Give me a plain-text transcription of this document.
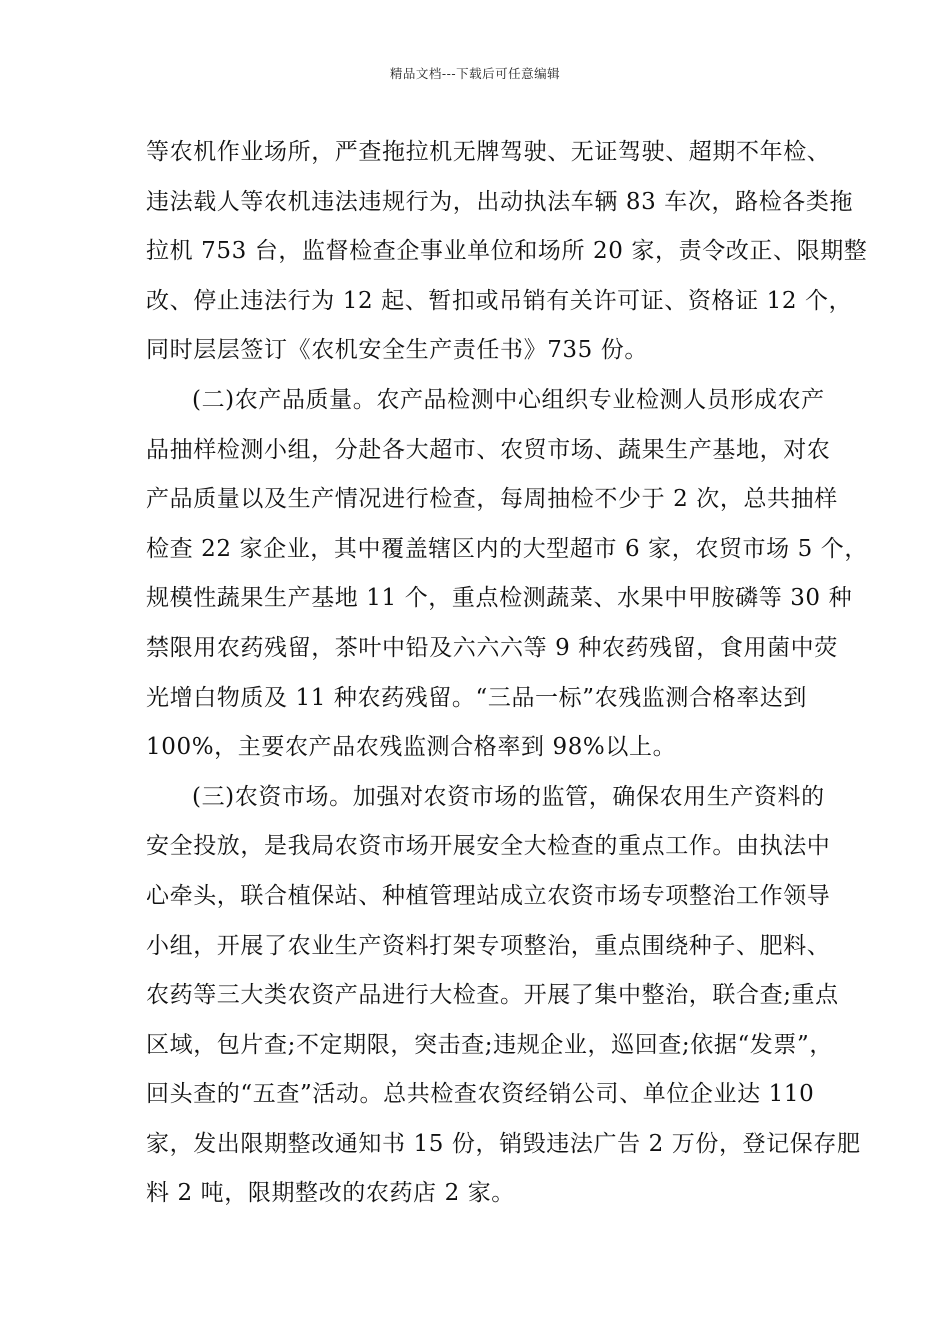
精品文档---下载后可任意编辑
等农机作业场所，严查拖拉机无牌驾驶、无证驾驶、超期不年检、
违法载人等农机违法违规行为，出动执法车辆 83 车次，路检各类拖
拉机 753 台，监督检查企事业单位和场所 20 家，责令改正、限期整
改、停止违法行为 12 起、暂扣或吊销有关许可证、资格证 12 个，
同时层层签订《农机安全生产责任书》735 份。
(二)农产品质量。农产品检测中心组织专业检测人员形成农产
品抽样检测小组，分赴各大超市、农贸市场、蔬果生产基地，对农
产品质量以及生产情况进行检查，每周抽检不少于 2 次，总共抽样
检查 22 家企业，其中覆盖辖区内的大型超市 6 家，农贸市场 5 个，
规模性蔬果生产基地 11 个，重点检测蔬菜、水果中甲胺磷等 30 种
禁限用农药残留，茶叶中铅及六六六等 9 种农药残留，食用菌中荧
光增白物质及 11 种农药残留。“三品一标”农残监测合格率达到
100%，主要农产品农残监测合格率到 98%以上。
(三)农资市场。加强对农资市场的监管，确保农用生产资料的
安全投放，是我局农资市场开展安全大检查的重点工作。由执法中
心牵头，联合植保站、种植管理站成立农资市场专项整治工作领导
小组，开展了农业生产资料打架专项整治，重点围绕种子、肥料、
农药等三大类农资产品进行大检查。开展了集中整治，联合查;重点
区域，包片查;不定期限，突击查;违规企业，巡回查;依据“发票”，
回头查的“五查”活动。总共检查农资经销公司、单位企业达 110
家，发出限期整改通知书 15 份，销毁违法广告 2 万份，登记保存肥
料 2 吨，限期整改的农药店 2 家。
